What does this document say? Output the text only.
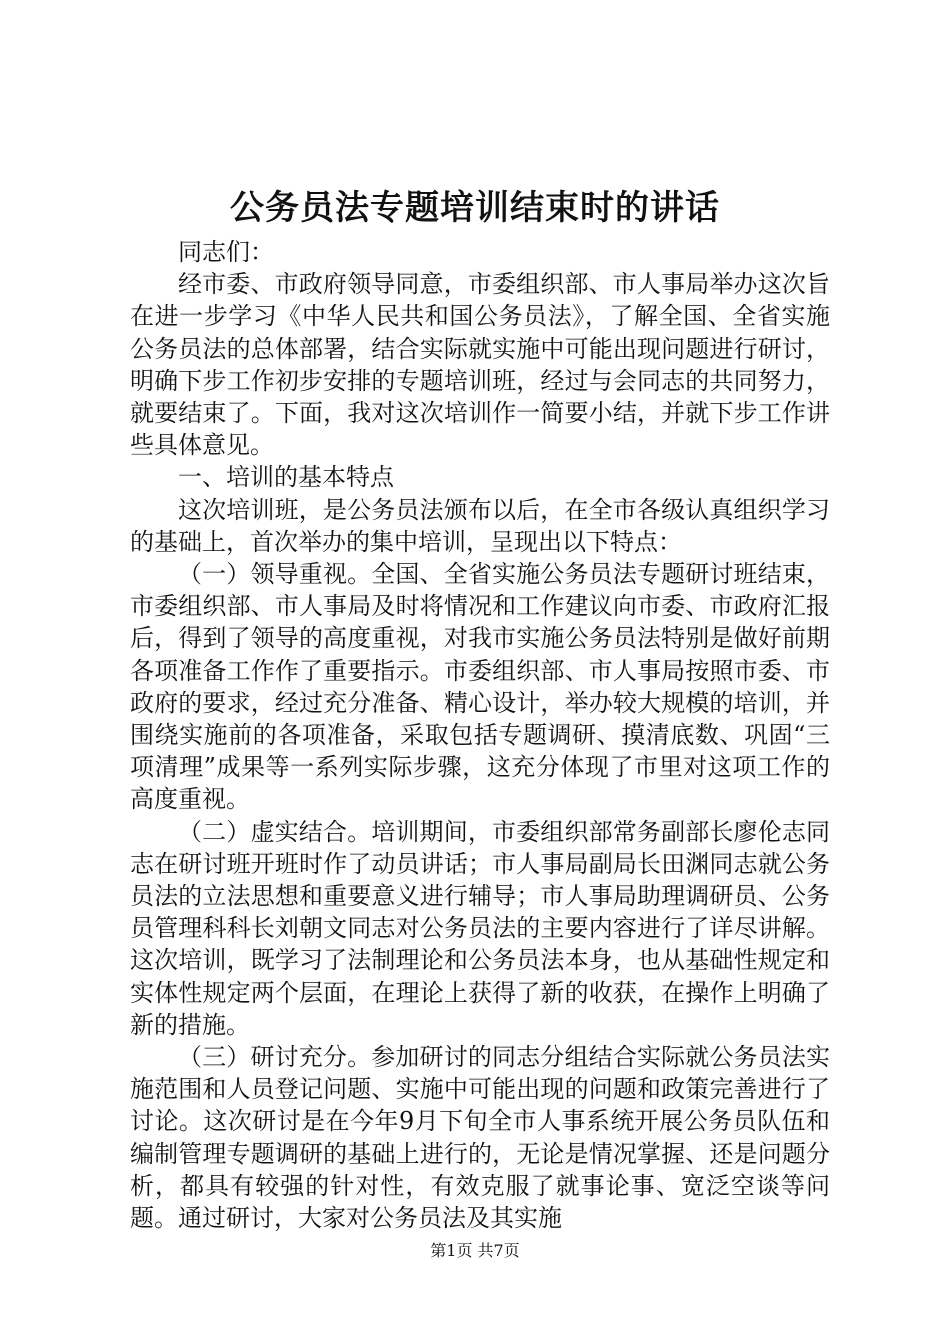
公务员法专题培训结束时的讲话

同志们：

经市委、市政府领导同意，市委组织部、市人事局举办这次旨在进一步学习《中华人民共和国公务员法》，了解全国、全省实施公务员法的总体部署，结合实际就实施中可能出现问题进行研讨，明确下步工作初步安排的专题培训班，经过与会同志的共同努力，就要结束了。下面，我对这次培训作一简要小结，并就下步工作讲些具体意见。

一、培训的基本特点

这次培训班，是公务员法颁布以后，在全市各级认真组织学习的基础上，首次举办的集中培训，呈现出以下特点：

（一）领导重视。全国、全省实施公务员法专题研讨班结束，市委组织部、市人事局及时将情况和工作建议向市委、市政府汇报后，得到了领导的高度重视，对我市实施公务员法特别是做好前期各项准备工作作了重要指示。市委组织部、市人事局按照市委、市政府的要求，经过充分准备、精心设计，举办较大规模的培训，并围绕实施前的各项准备，采取包括专题调研、摸清底数、巩固“三项清理”成果等一系列实际步骤，这充分体现了市里对这项工作的高度重视。

（二）虚实结合。培训期间，市委组织部常务副部长廖伦志同志在研讨班开班时作了动员讲话；市人事局副局长田渊同志就公务员法的立法思想和重要意义进行辅导；市人事局助理调研员、公务员管理科科长刘朝文同志对公务员法的主要内容进行了详尽讲解。这次培训，既学习了法制理论和公务员法本身，也从基础性规定和实体性规定两个层面，在理论上获得了新的收获，在操作上明确了新的措施。

（三）研讨充分。参加研讨的同志分组结合实际就公务员法实施范围和人员登记问题、实施中可能出现的问题和政策完善进行了讨论。这次研讨是在今年9月下旬全市人事系统开展公务员队伍和编制管理专题调研的基础上进行的，无论是情况掌握、还是问题分析，都具有较强的针对性，有效克服了就事论事、宽泛空谈等问题。通过研讨，大家对公务员法及其实施

第1页 共7页
